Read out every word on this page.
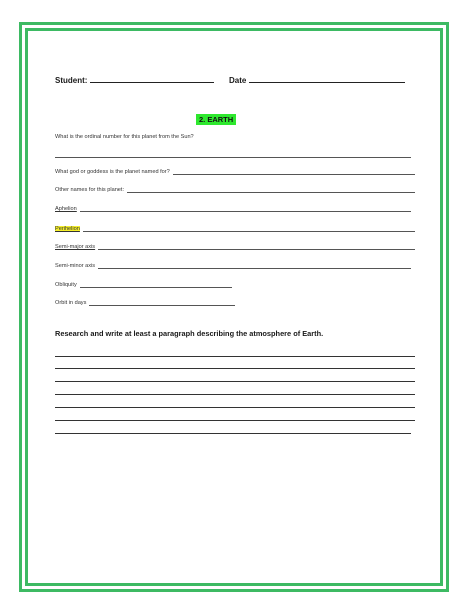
Student:	Date
2. EARTH
What is the ordinal number for this planet from the Sun?
What god or goddess is the planet named for?
Other names for this planet:
Aphelion
Perihelion
Semi-major axis
Semi-minor axis
Obliquity
Orbit in days
Research and write at least a paragraph describing the atmosphere of Earth.
